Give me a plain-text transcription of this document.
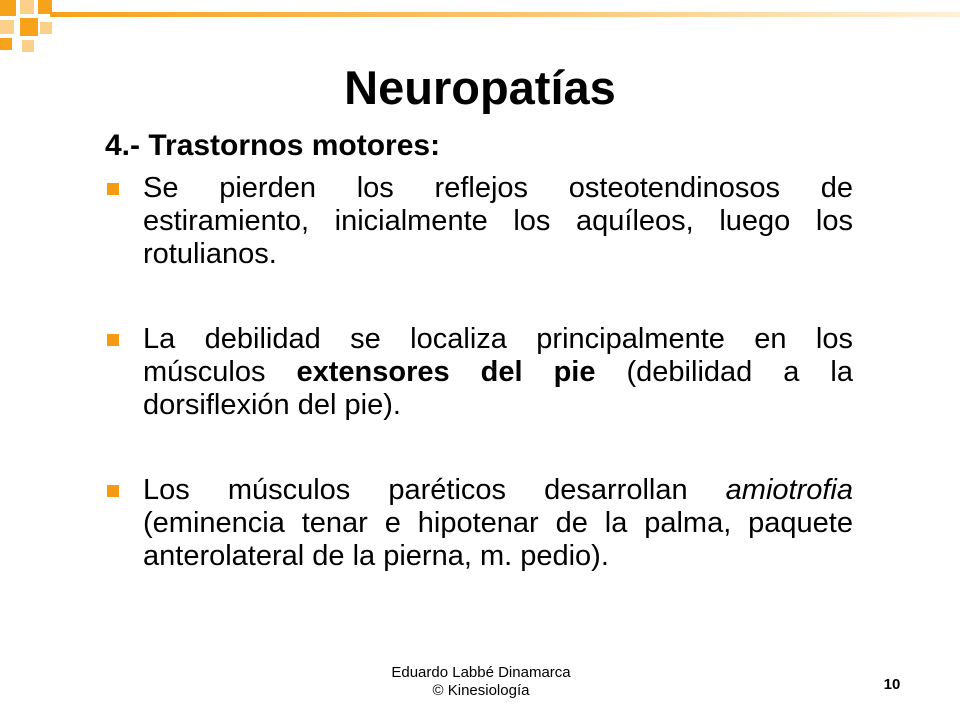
Neuropatías
4.- Trastornos motores:
Se pierden los reflejos osteotendinosos de estiramiento, inicialmente los aquíleos, luego los rotulianos.
La debilidad se localiza principalmente en los músculos extensores del pie (debilidad a la dorsiflexión del pie).
Los músculos paréticos desarrollan amiotrofia (eminencia tenar e hipotenar de la palma, paquete anterolateral de la pierna, m. pedio).
Eduardo Labbé Dinamarca
© Kinesiología	10
